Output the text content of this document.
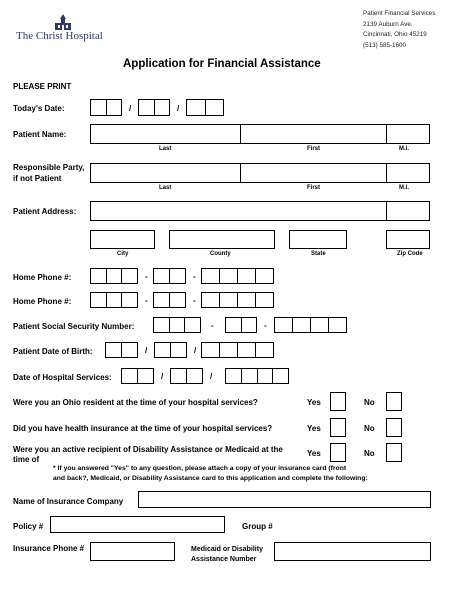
The Christ Hospital
Patient Financial Services
2139 Auburn Ave.
Cincinnati, Ohio 45219
(513) 585-1600
Application for Financial Assistance
PLEASE PRINT
Today's Date:	/	/
Patient Name:
Last	First	M.I.
Responsible Party,
if not Patient
Last	First	M.I.
Patient Address:
City	County	State	Zip Code
Home Phone #:	-	-
Home Phone #:	-	-
Patient Social Security Number:	-	-
Patient Date of Birth:	/	/
Date of Hospital Services:	/	/
Were you an Ohio resident at the time of your hospital services?	Yes	No
Did you have health insurance at the time of your hospital services?	Yes	No
Were you an active recipient of Disability Assistance or Medicaid at the
time of
Yes	No
* If you answered "Yes" to any question, please attach a copy of your insurance card (front
and back?, Medicaid, or Disability Assistance card to this application and complete the following:
Name of Insurance Company
Policy #	Group #
Insurance Phone #	Medicaid or Disability
Assistance Number
